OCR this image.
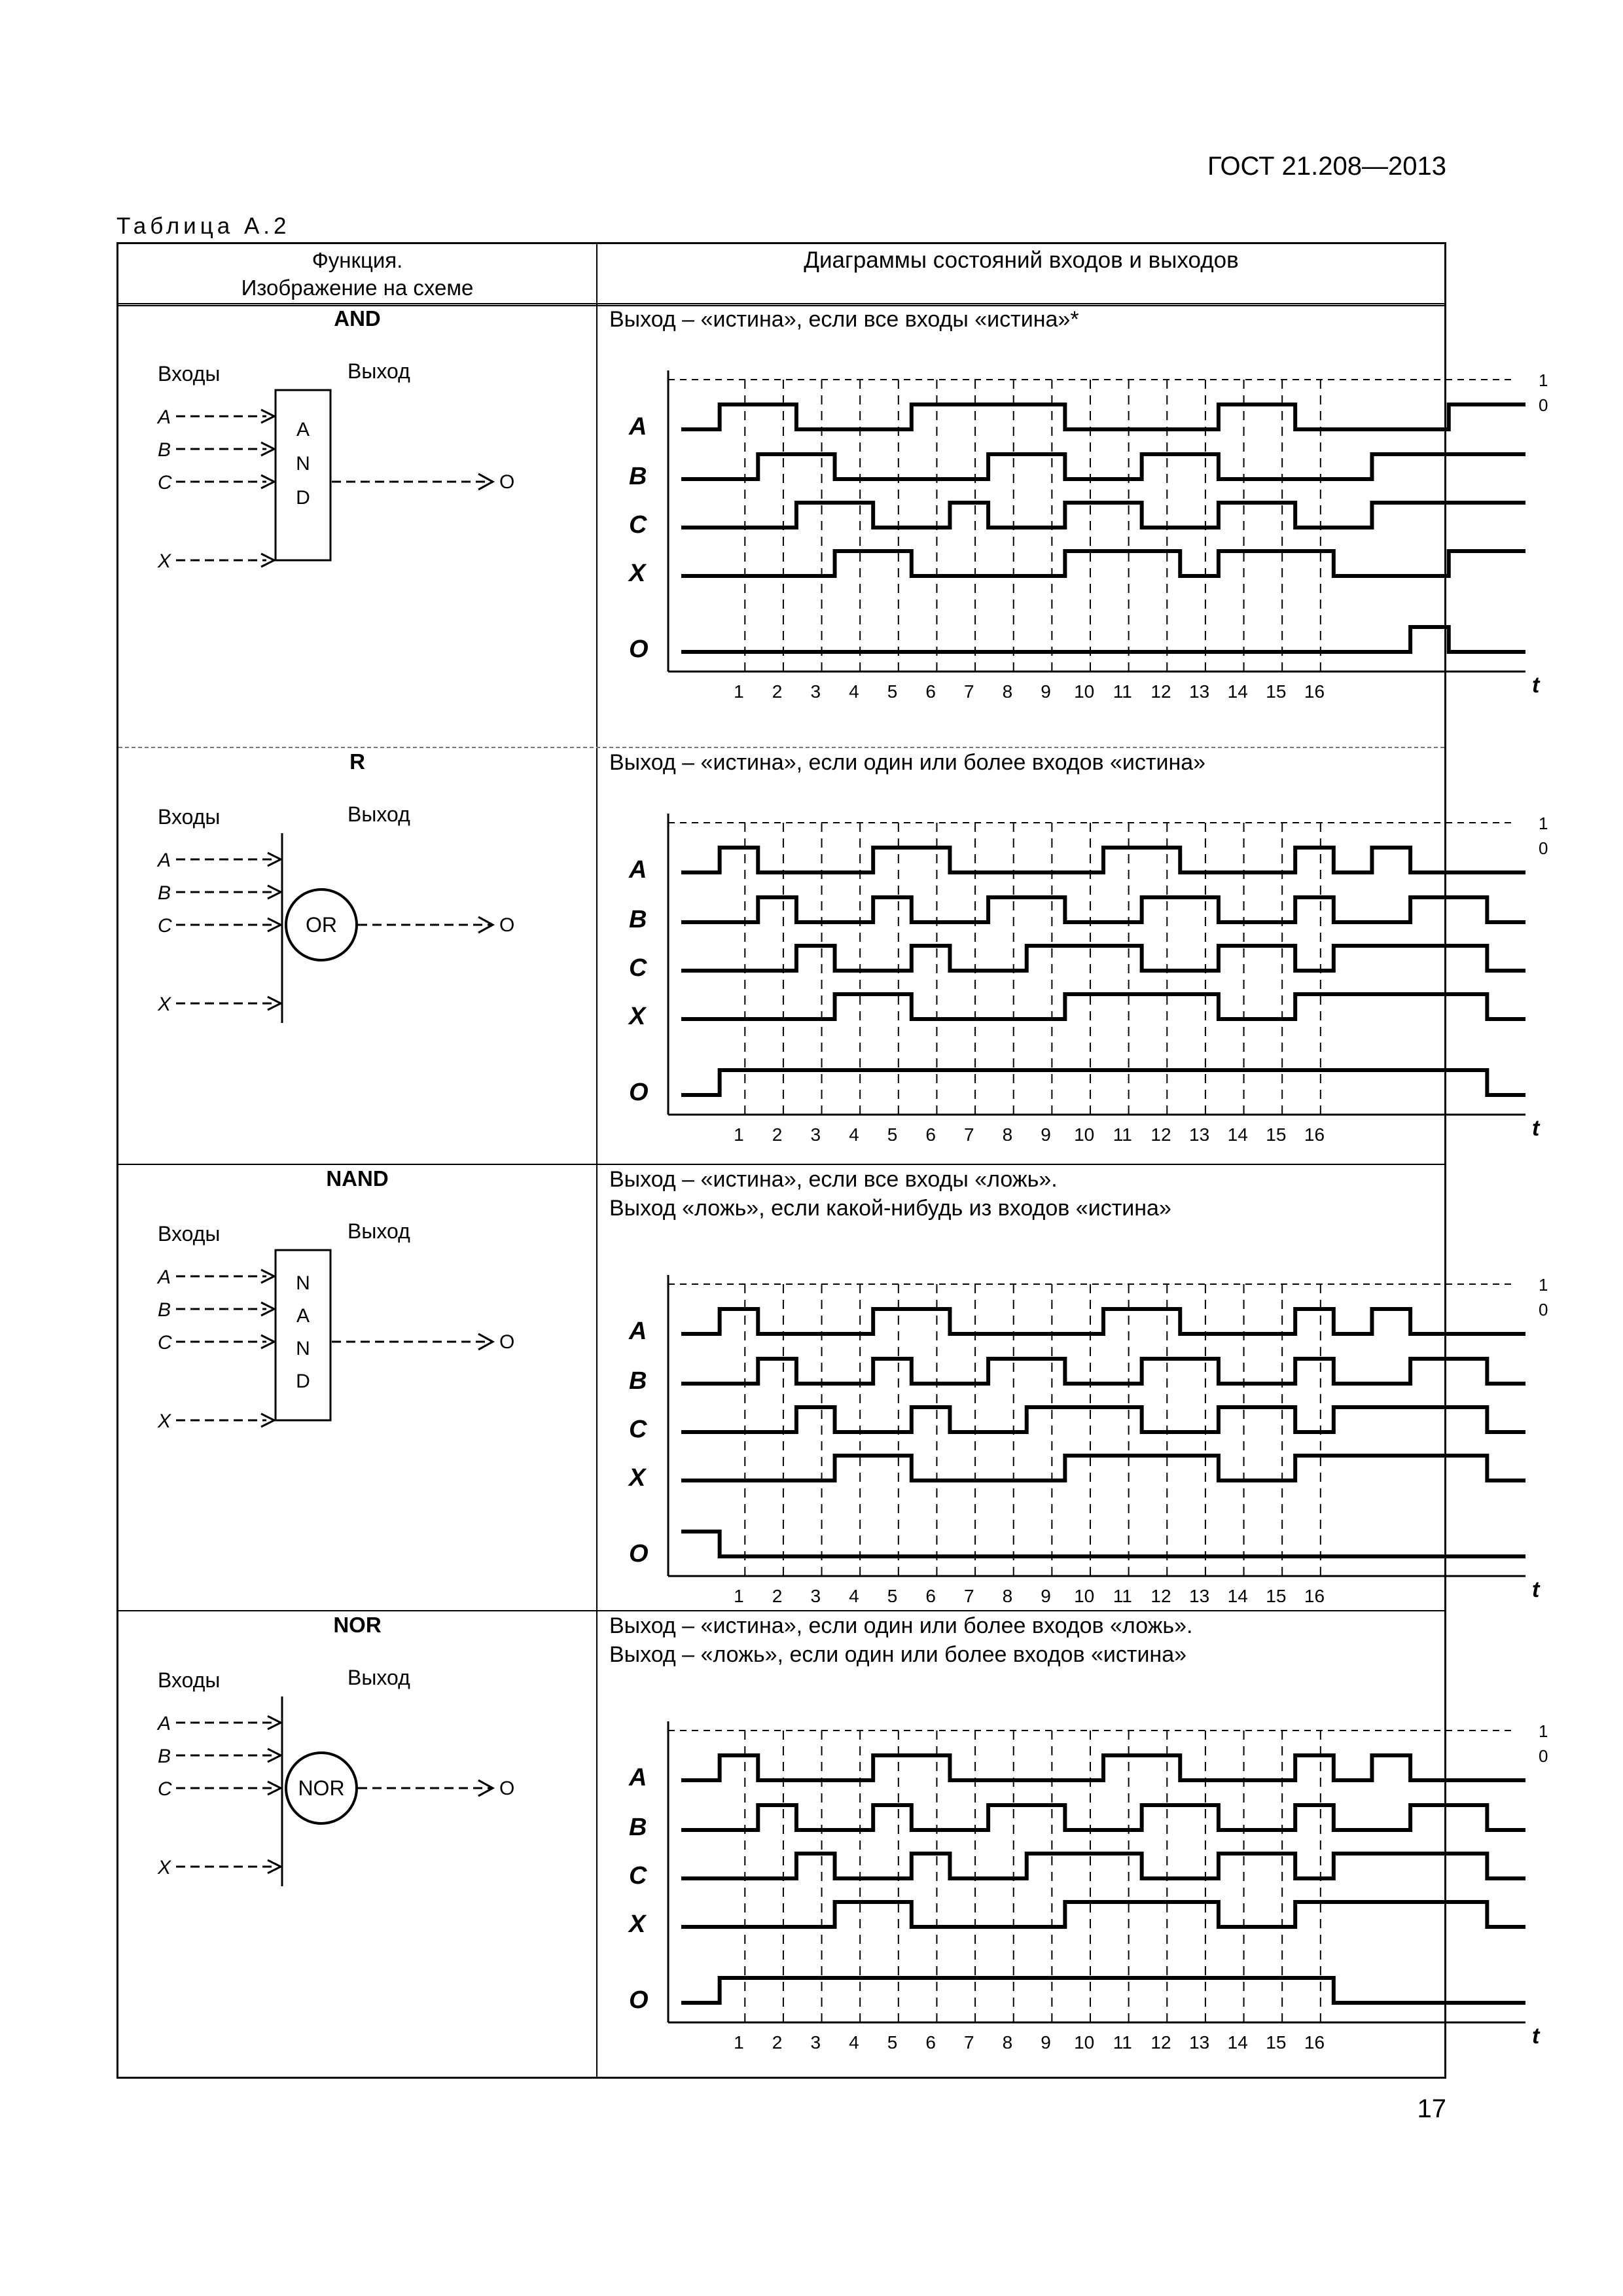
ГОСТ 21.208—2013
Таблица А.2
Функция.
Изображение на схеме
Диаграммы состояний входов и выходов
AND	Выход – «истина», если все входы «истина»*
Входы	Выход
A
B
C
X
A
N
D
O
1 2 3 4 5 6 7 8 9 10 11 12 13 14 15 16	t
1
0
A
B
C
X
O
R	Выход – «истина», если один или более входов «истина»
Входы	Выход
A
B
C
X
OR	O
1 2 3 4 5 6 7 8 9 10 11 12 13 14 15 16	t
1
0
A
B
C
X
O
NAND	Выход – «истина», если все входы «ложь».
Выход «ложь», если какой-нибудь из входов «истина»
Входы	Выход
A
B
C
X
N
A
N
D
O
1 2 3 4 5 6 7 8 9 10 11 12 13 14 15 16	t
1
0
A
B
C
X
O
NOR	Выход – «истина», если один или более входов «ложь».
Выход – «ложь», если один или более входов «истина»
Входы	Выход
A
B
C
X
NOR	O
1 2 3 4 5 6 7 8 9 10 11 12 13 14 15 16	t
1
0
A
B
C
X
O
17
